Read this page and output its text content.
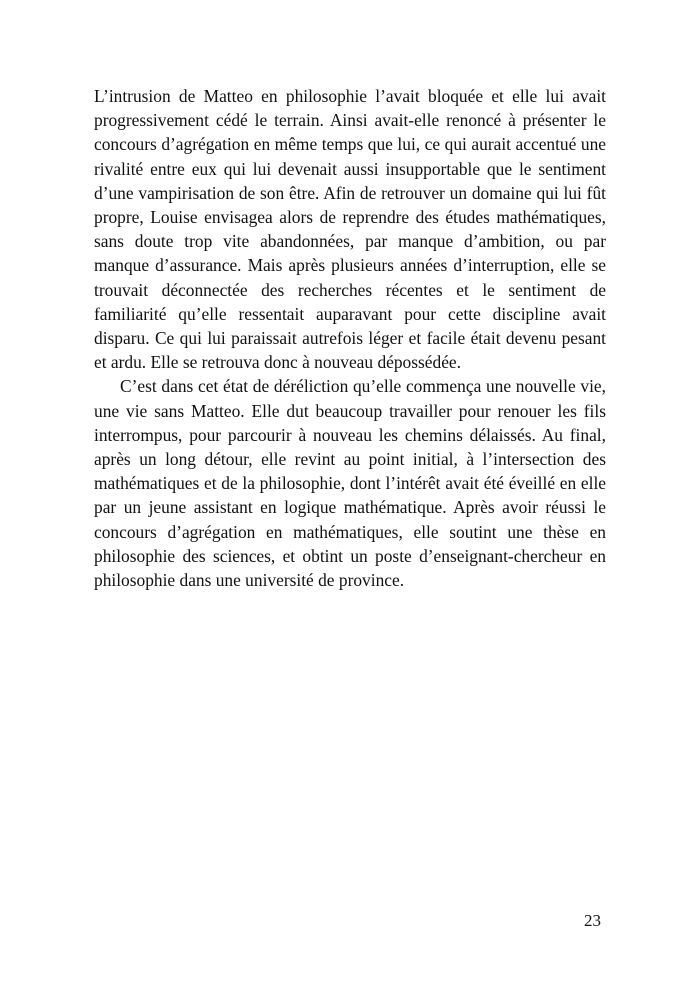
L’intrusion de Matteo en philosophie l’avait bloquée et elle lui avait progressivement cédé le terrain. Ainsi avait-elle renoncé à présenter le concours d’agrégation en même temps que lui, ce qui aurait accentué une rivalité entre eux qui lui devenait aussi insupportable que le sentiment d’une vampirisation de son être. Afin de retrouver un domaine qui lui fût propre, Louise envisagea alors de reprendre des études mathématiques, sans doute trop vite abandonnées, par manque d’ambition, ou par manque d’assurance. Mais après plusieurs années d’interruption, elle se trouvait déconnectée des recherches récentes et le sentiment de familiarité qu’elle ressentait auparavant pour cette discipline avait disparu. Ce qui lui paraissait autrefois léger et facile était devenu pesant et ardu. Elle se retrouva donc à nouveau dépossédée.

C’est dans cet état de déréliction qu’elle commença une nouvelle vie, une vie sans Matteo. Elle dut beaucoup travailler pour renouer les fils interrompus, pour parcourir à nouveau les chemins délaissés. Au final, après un long détour, elle revint au point initial, à l’intersection des mathématiques et de la philosophie, dont l’intérêt avait été éveillé en elle par un jeune assistant en logique mathématique. Après avoir réussi le concours d’agrégation en mathématiques, elle soutint une thèse en philosophie des sciences, et obtint un poste d’enseignant-chercheur en philosophie dans une université de province.

23
